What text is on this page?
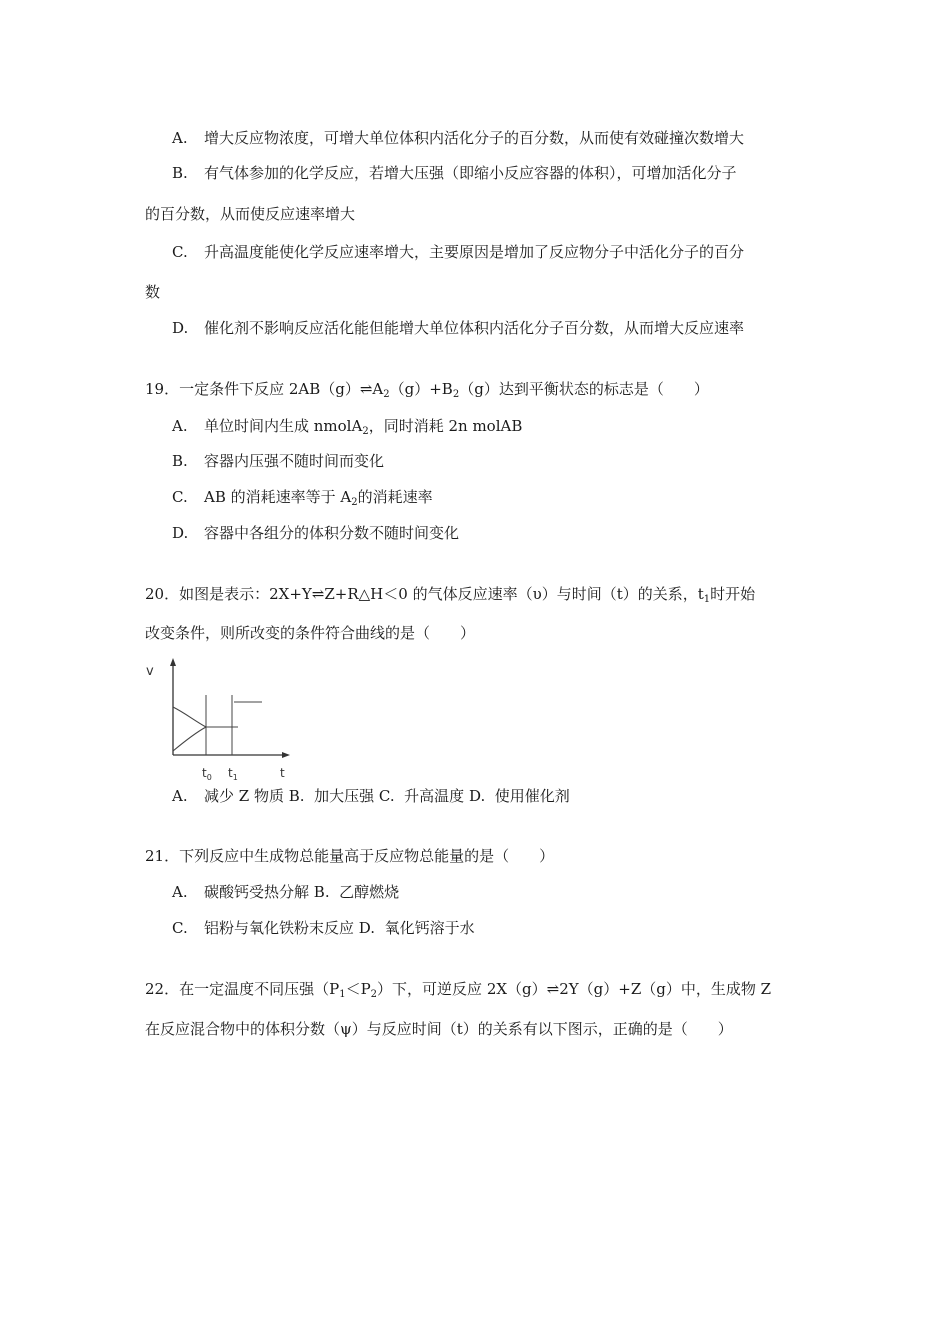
A. 增大反应物浓度，可增大单位体积内活化分子的百分数，从而使有效碰撞次数增大
B. 有气体参加的化学反应，若增大压强（即缩小反应容器的体积），可增加活化分子
的百分数，从而使反应速率增大
C. 升高温度能使化学反应速率增大，主要原因是增加了反应物分子中活化分子的百分
数
D. 催化剂不影响反应活化能但能增大单位体积内活化分子百分数，从而增大反应速率
19．一定条件下反应 $2AB(g)\rightleftharpoons A_2(g)+B_2(g)$达到平衡状态的标志是（　　）
A. 单位时间内生成 nmolA$_2$，同时消耗 2n molAB
B. 容器内压强不随时间而变化
C. AB 的消耗速率等于 $A_2$的消耗速率
D. 容器中各组分的体积分数不随时间变化
20．如图是表示：2X+Y⇌Z+R△H＜0 的气体反应速率（υ）与时间（t）的关系，$t_1$时开始
改变条件，则所改变的条件符合曲线的是（　　）
v
$t_0$ $t_1$	t
A. 减少 Z 物质 B. 加大压强 C. 升高温度 D. 使用催化剂
21．下列反应中生成物总能量高于反应物总能量的是（　　）
A. 碳酸钙受热分解 B. 乙醇燃烧
C. 铝粉与氧化铁粉末反应 D. 氧化钙溶于水
22．在一定温度不同压强$(P_1<P_2)$下，可逆反应 2X（g）⇌2Y（g）+Z（g）中，生成物 Z
在反应混合物中的体积分数（ψ）与反应时间（t）的关系有以下图示，正确的是（　　）
